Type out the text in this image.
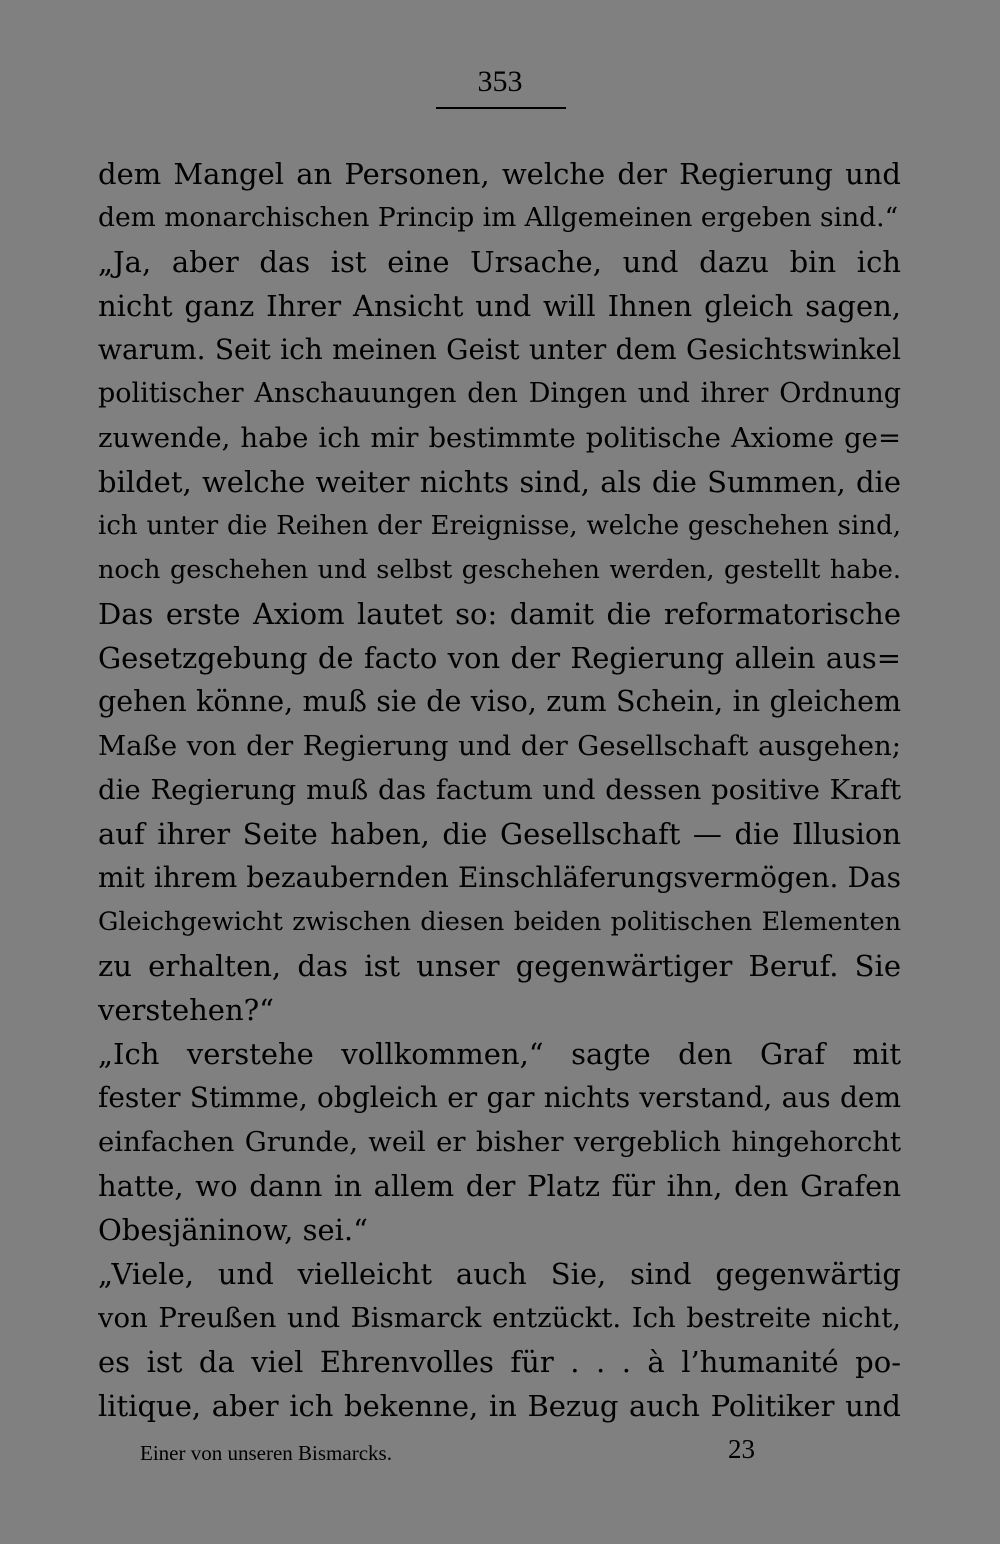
353
dem Mangel an Personen, welche der Regierung und
dem monarchischen Princip im Allgemeinen ergeben sind.“
„Ja, aber das ist eine Ursache, und dazu bin ich
nicht ganz Ihrer Ansicht und will Ihnen gleich sagen,
warum. Seit ich meinen Geist unter dem Gesichtswinkel
politischer Anschauungen den Dingen und ihrer Ordnung
zuwende, habe ich mir bestimmte politische Axiome ge=
bildet, welche weiter nichts sind, als die Summen, die
ich unter die Reihen der Ereignisse, welche geschehen sind,
noch geschehen und selbst geschehen werden, gestellt habe.
Das erste Axiom lautet so: damit die reformatorische
Gesetzgebung de facto von der Regierung allein aus=
gehen könne, muß sie de viso, zum Schein, in gleichem
Maße von der Regierung und der Gesellschaft ausgehen;
die Regierung muß das factum und dessen positive Kraft
auf ihrer Seite haben, die Gesellschaft — die Illusion
mit ihrem bezaubernden Einschläferungsvermögen. Das
Gleichgewicht zwischen diesen beiden politischen Elementen
zu erhalten, das ist unser gegenwärtiger Beruf. Sie
verstehen?“
„Ich verstehe vollkommen,“ sagte den Graf mit
fester Stimme, obgleich er gar nichts verstand, aus dem
einfachen Grunde, weil er bisher vergeblich hingehorcht
hatte, wo dann in allem der Platz für ihn, den Grafen
Obesjäninow, sei.“
„Viele, und vielleicht auch Sie, sind gegenwärtig
von Preußen und Bismarck entzückt. Ich bestreite nicht,
es ist da viel Ehrenvolles für . . . à l’humanité po-
litique, aber ich bekenne, in Bezug auch Politiker und
Einer von unseren Bismarcks.	23
